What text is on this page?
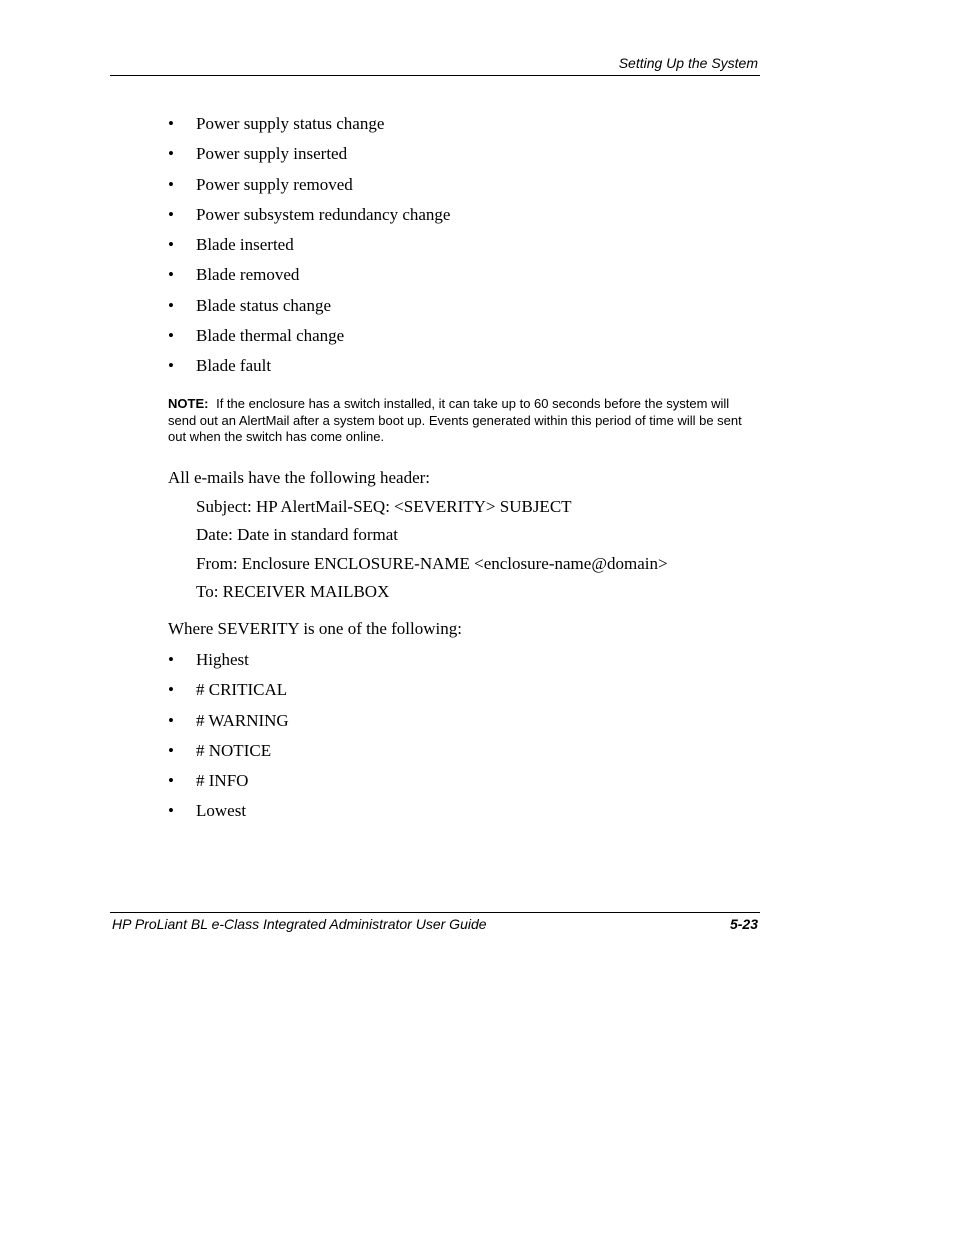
Setting Up the System
•	Power supply status change
•	Power supply inserted
•	Power supply removed
•	Power subsystem redundancy change
•	Blade inserted
•	Blade removed
•	Blade status change
•	Blade thermal change
•	Blade fault
NOTE: If the enclosure has a switch installed, it can take up to 60 seconds before the system will send out an AlertMail after a system boot up. Events generated within this period of time will be sent out when the switch has come online.
All e-mails have the following header:
Subject: HP AlertMail-SEQ: <SEVERITY> SUBJECT
Date: Date in standard format
From: Enclosure ENCLOSURE-NAME <enclosure-name@domain>
To: RECEIVER MAILBOX
Where SEVERITY is one of the following:
•	Highest
•	# CRITICAL
•	# WARNING
•	# NOTICE
•	# INFO
•	Lowest
HP ProLiant BL e-Class Integrated Administrator User Guide	5-23
